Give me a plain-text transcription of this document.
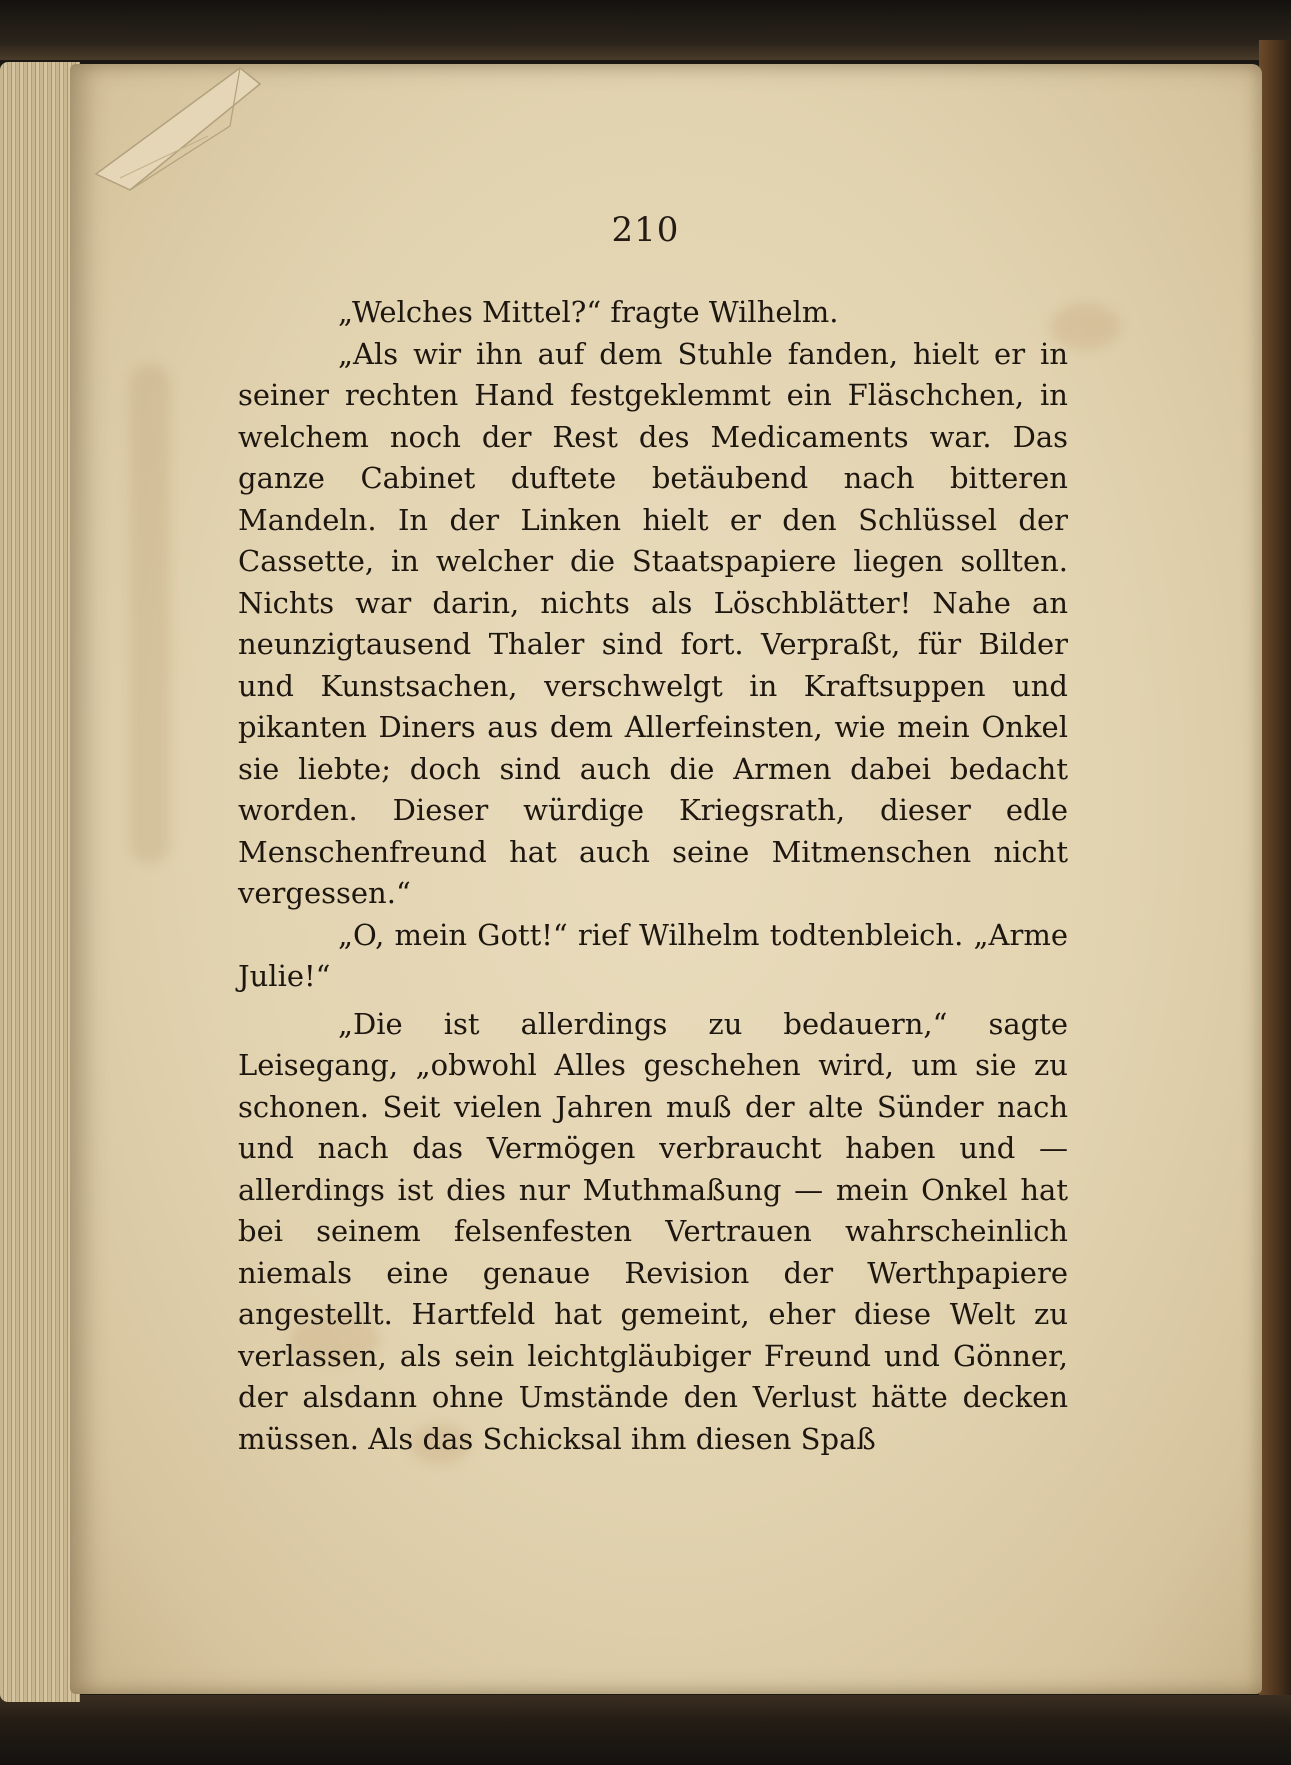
210

„Welches Mittel?“ fragte Wilhelm.

„Als wir ihn auf dem Stuhle fanden, hielt er in seiner rechten Hand festgeklemmt ein Fläschchen, in welchem noch der Rest des Medicaments war. Das ganze Cabinet duftete betäubend nach bitteren Mandeln. In der Linken hielt er den Schlüssel der Cassette, in welcher die Staatspapiere liegen sollten. Nichts war darin, nichts als Löschblätter! Nahe an neunzigtausend Thaler sind fort. Verpraßt, für Bilder und Kunstsachen, verschwelgt in Kraftsuppen und pikanten Diners aus dem Allerfeinsten, wie mein Onkel sie liebte; doch sind auch die Armen dabei bedacht worden. Dieser würdige Kriegsrath, dieser edle Menschenfreund hat auch seine Mitmenschen nicht vergessen.“

„O, mein Gott!“ rief Wilhelm todtenbleich. „Arme Julie!“

„Die ist allerdings zu bedauern,“ sagte Leisegang, „obwohl Alles geschehen wird, um sie zu schonen. Seit vielen Jahren muß der alte Sünder nach und nach das Vermögen verbraucht haben und — allerdings ist dies nur Muthmaßung — mein Onkel hat bei seinem felsenfesten Vertrauen wahrscheinlich niemals eine genaue Revision der Werthpapiere angestellt. Hartfeld hat gemeint, eher diese Welt zu verlassen, als sein leichtgläubiger Freund und Gönner, der alsdann ohne Umstände den Verlust hätte decken müssen. Als das Schicksal ihm diesen Spaß
